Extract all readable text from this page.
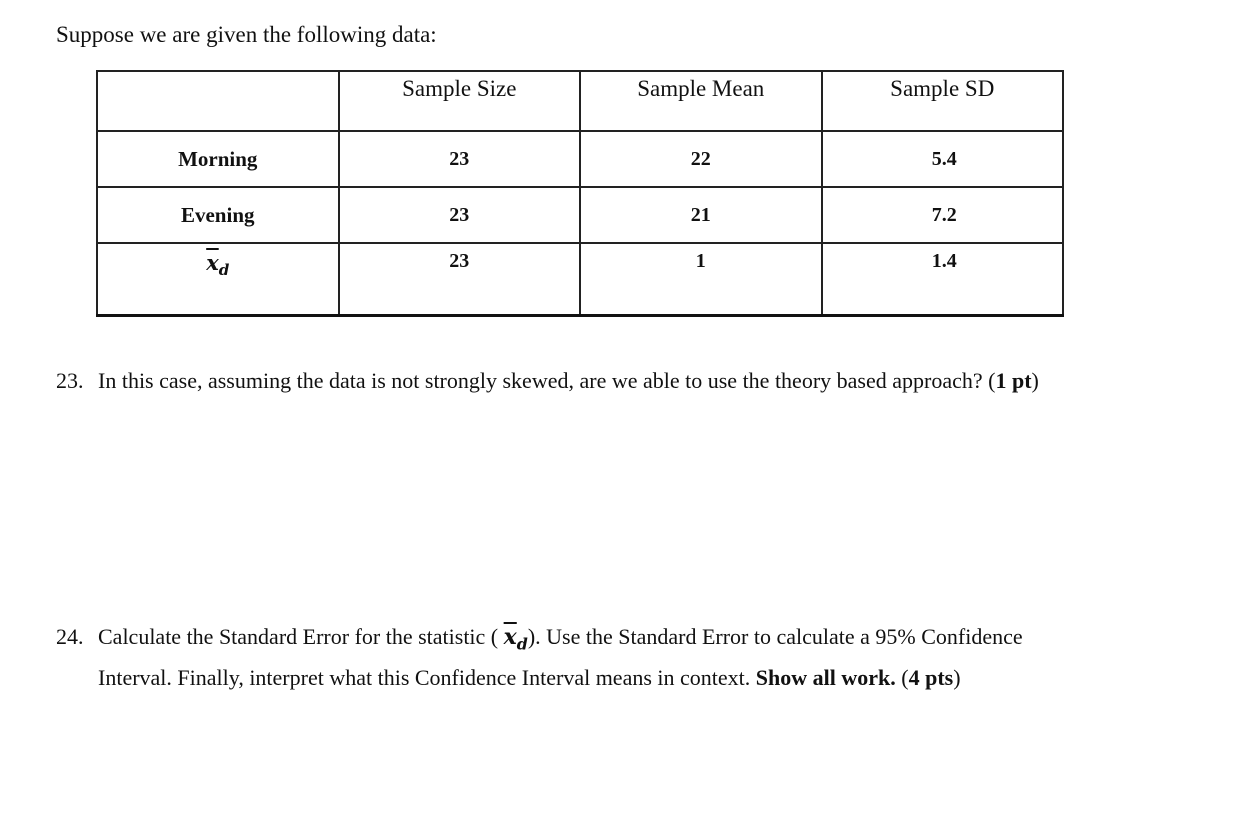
Suppose we are given the following data:
	Sample Size	Sample Mean	Sample SD
Morning	23	22	5.4
Evening	23	21	7.2
$\overline{x}_d$	23	1	1.4
23. In this case, assuming the data is not strongly skewed, are we able to use the theory based approach? (1 pt)
24. Calculate the Standard Error for the statistic ( $\overline{x}_d$). Use the Standard Error to calculate a 95% Confidence
Interval. Finally, interpret what this Confidence Interval means in context. Show all work. (4 pts)
